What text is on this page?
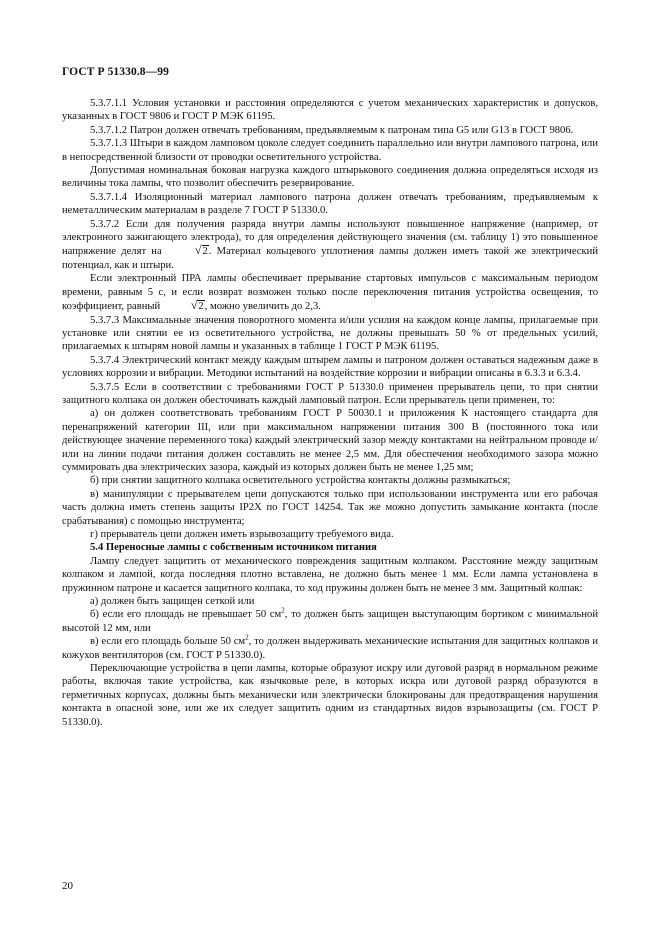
ГОСТ Р 51330.8—99

5.3.7.1.1 Условия установки и расстояния определяются с учетом механических характеристик и допусков, указанных в ГОСТ 9806 и ГОСТ Р МЭК 61195.

5.3.7.1.2 Патрон должен отвечать требованиям, предъявляемым к патронам типа G5 или G13 в ГОСТ 9806.

5.3.7.1.3 Штыри в каждом ламповом цоколе следует соединить параллельно или внутри лампового патрона, или в непосредственной близости от проводки осветительного устройства.

Допустимая номинальная боковая нагрузка каждого штырькового соединения должна определяться исходя из величины тока лампы, что позволит обеспечить резервирование.

5.3.7.1.4 Изоляционный материал лампового патрона должен отвечать требованиям, предъявляемым к неметаллическим материалам в разделе 7 ГОСТ Р 51330.0.

5.3.7.2 Если для получения разряда внутри лампы используют повышенное напряжение (например, от электронного зажигающего электрода), то для определения действующего значения (см. таблицу 1) это повышенное напряжение делят на	√2. Материал кольцевого уплотнения лампы должен иметь такой же электрический потенциал, как и штыри.

Если электронный ПРА лампы обеспечивает прерывание стартовых импульсов с максимальным периодом времени, равным 5 с, и если возврат возможен только после переключения питания устройства освещения, то коэффициент, равный	√2, можно увеличить до 2,3.

5.3.7.3 Максимальные значения поворотного момента и/или усилия на каждом конце лампы, прилагаемые при установке или снятии ее из осветительного устройства, не должны превышать 50 % от предельных усилий, прилагаемых к штырям новой лампы и указанных в таблице 1 ГОСТ Р МЭК 61195.

5.3.7.4 Электрический контакт между каждым штырем лампы и патроном должен оставаться надежным даже в условиях коррозии и вибрации. Методики испытаний на воздействие коррозии и вибрации описаны в 6.3.3 и 6.3.4.

5.3.7.5 Если в соответствии с требованиями ГОСТ Р 51330.0 применен прерыватель цепи, то при снятии защитного колпака он должен обесточивать каждый ламповый патрон. Если прерыватель цепи применен, то:

а) он должен соответствовать требованиям ГОСТ Р 50030.1 и приложения К настоящего стандарта для перенапряжений категории III, или при максимальном напряжении питания 300 В (постоянного тока или действующее значение переменного тока) каждый электрический зазор между контактами на нейтральном проводе и/или на линии подачи питания должен составлять не менее 2,5 мм. Для обеспечения необходимого зазора можно суммировать два электрических зазора, каждый из которых должен быть не менее 1,25 мм;

б) при снятии защитного колпака осветительного устройства контакты должны размыкаться;

в) манипуляции с прерывателем цепи допускаются только при использовании инструмента или его рабочая часть должна иметь степень защиты IP2X по ГОСТ 14254. Так же можно допустить замыкание контакта (после срабатывания) с помощью инструмента;

г) прерыватель цепи должен иметь взрывозащиту требуемого вида.

5.4 Переносные лампы с собственным источником питания

Лампу следует защитить от механического повреждения защитным колпаком. Расстояние между защитным колпаком и лампой, когда последняя плотно вставлена, не должно быть менее 1 мм. Если лампа установлена в пружинном патроне и касается защитного колпака, то ход пружины должен быть не менее 3 мм. Защитный колпак:

а) должен быть защищен сеткой или

б) если его площадь не превышает 50 $см^2$, то должен быть защищен выступающим бортиком с минимальной высотой 12 мм, или

в) если его площадь больше 50 $см^2$, то должен выдерживать механические испытания для защитных колпаков и кожухов вентиляторов (см. ГОСТ Р 51330.0).

Переключающие устройства в цепи лампы, которые образуют искру или дуговой разряд в нормальном режиме работы, включая такие устройства, как язычковые реле, в которых искра или дуговой разряд образуются в герметичных корпусах, должны быть механически или электрически блокированы для предотвращения нарушения контакта в опасной зоне, или же их следует защитить одним из стандартных видов взрывозащиты (см. ГОСТ Р 51330.0).

20
